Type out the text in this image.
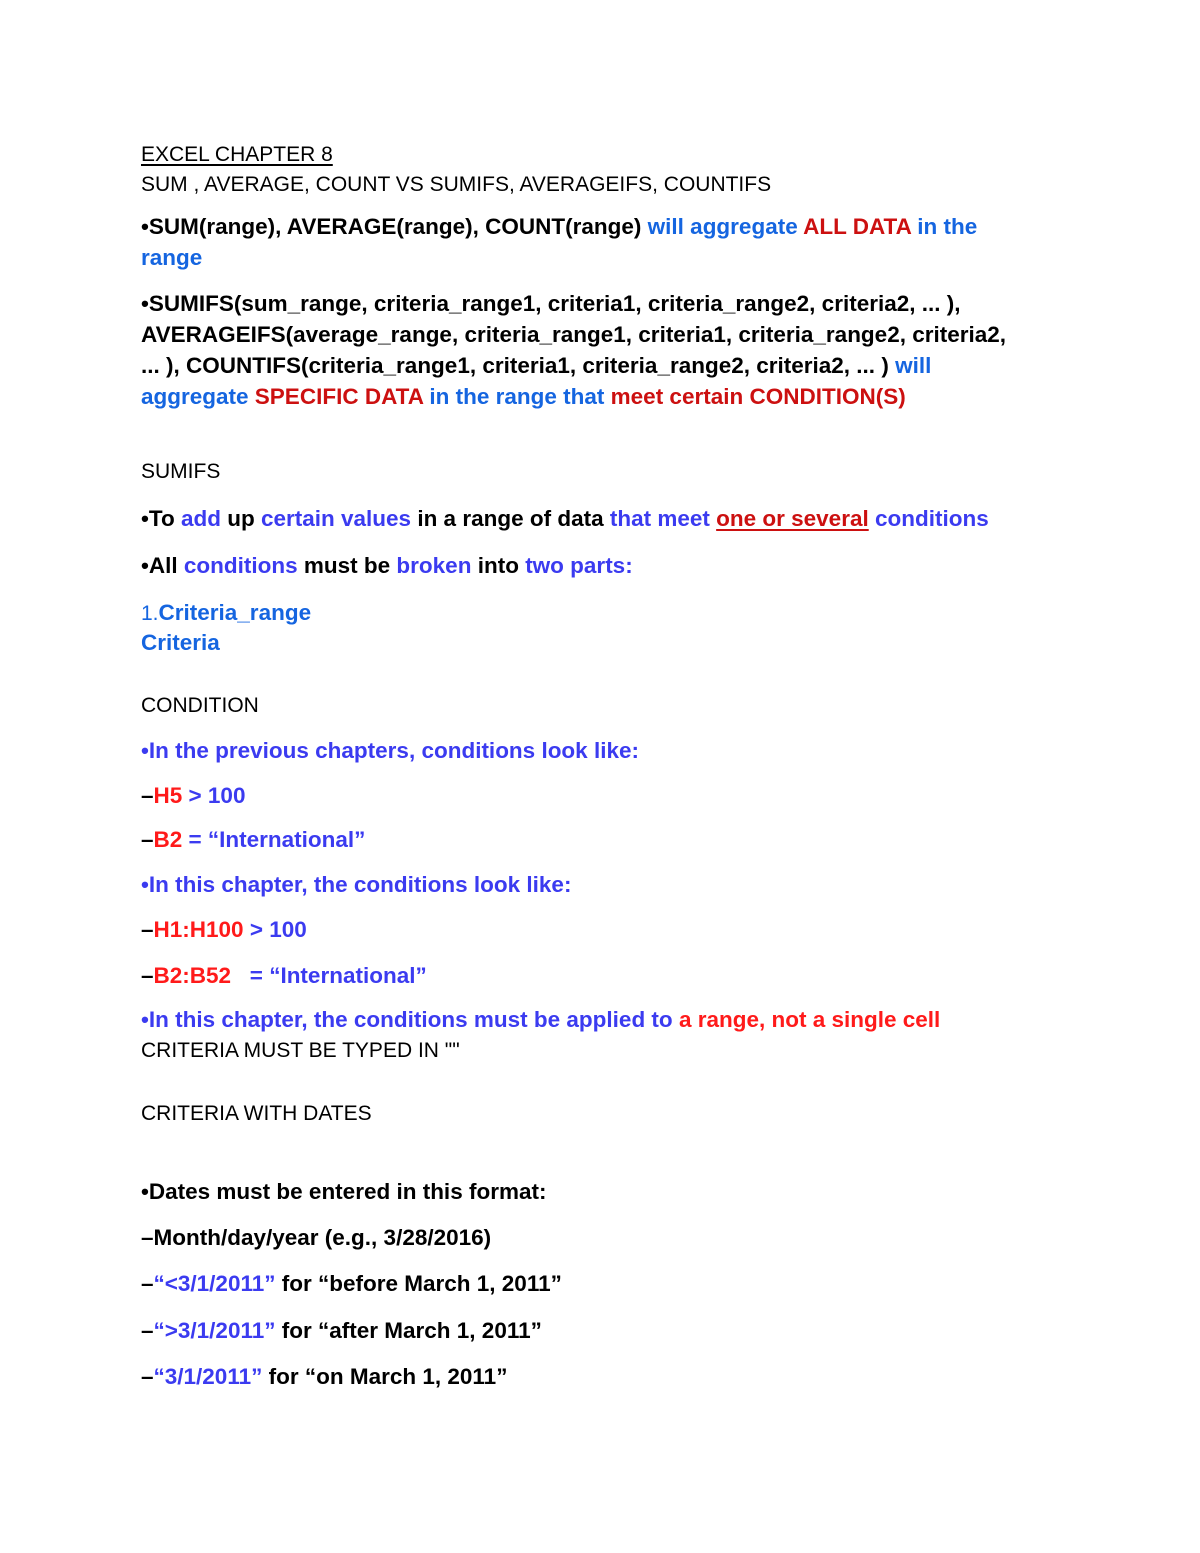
EXCEL CHAPTER 8
SUM , AVERAGE, COUNT VS SUMIFS, AVERAGEIFS, COUNTIFS
•SUM(range), AVERAGE(range), COUNT(range) will aggregate ALL DATA in the
range
•SUMIFS(sum_range, criteria_range1, criteria1, criteria_range2, criteria2, ... ),
AVERAGEIFS(average_range, criteria_range1, criteria1, criteria_range2, criteria2,
... ), COUNTIFS(criteria_range1, criteria1, criteria_range2, criteria2, ... ) will
aggregate SPECIFIC DATA in the range that meet certain CONDITION(S)
SUMIFS
•To add up certain values in a range of data that meet one or several conditions
•All conditions must be broken into two parts:
1.Criteria_range
Criteria
CONDITION
•In the previous chapters, conditions look like:
–H5 > 100
–B2 = “International”
•In this chapter, the conditions look like:
–H1:H100 > 100
–B2:B52   = “International”
•In this chapter, the conditions must be applied to a range, not a single cell
CRITERIA MUST BE TYPED IN ""
CRITERIA WITH DATES
•Dates must be entered in this format:
–Month/day/year (e.g., 3/28/2016)
–“<3/1/2011” for “before March 1, 2011”
–“>3/1/2011” for “after March 1, 2011”
–“3/1/2011” for “on March 1, 2011”
